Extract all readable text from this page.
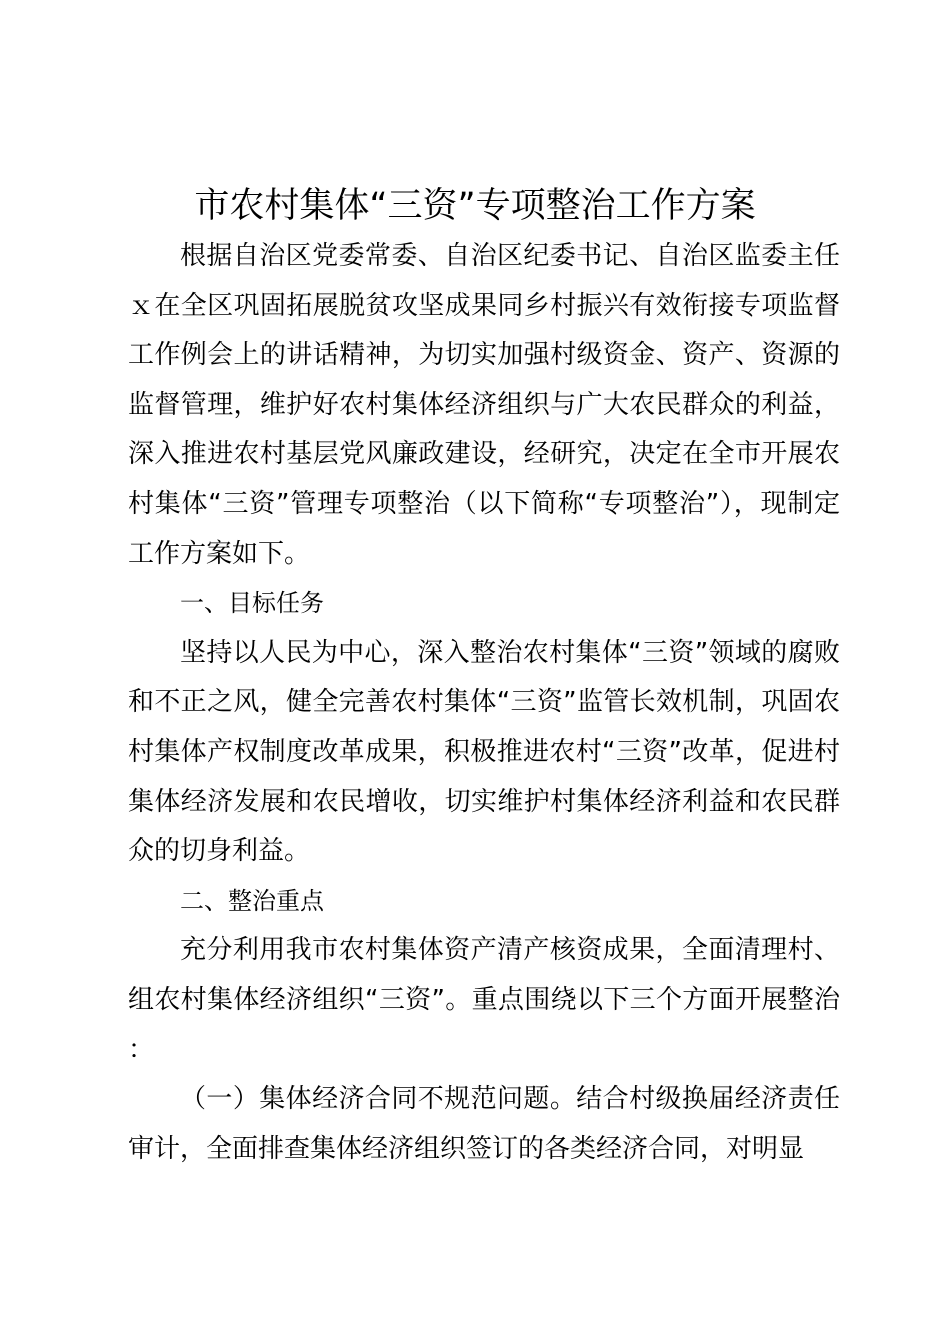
市农村集体“三资”专项整治工作方案

根据自治区党委常委、自治区纪委书记、自治区监委主任ｘ在全区巩固拓展脱贫攻坚成果同乡村振兴有效衔接专项监督工作例会上的讲话精神，为切实加强村级资金、资产、资源的监督管理，维护好农村集体经济组织与广大农民群众的利益，深入推进农村基层党风廉政建设，经研究，决定在全市开展农村集体“三资”管理专项整治（以下简称“专项整治”），现制定工作方案如下。

一、目标任务

坚持以人民为中心，深入整治农村集体“三资”领域的腐败和不正之风，健全完善农村集体“三资”监管长效机制，巩固农村集体产权制度改革成果，积极推进农村“三资”改革，促进村集体经济发展和农民增收，切实维护村集体经济利益和农民群众的切身利益。

二、整治重点

充分利用我市农村集体资产清产核资成果，全面清理村、组农村集体经济组织“三资”。重点围绕以下三个方面开展整治：

（一）集体经济合同不规范问题。结合村级换届经济责任审计，全面排查集体经济组织签订的各类经济合同，对明显
